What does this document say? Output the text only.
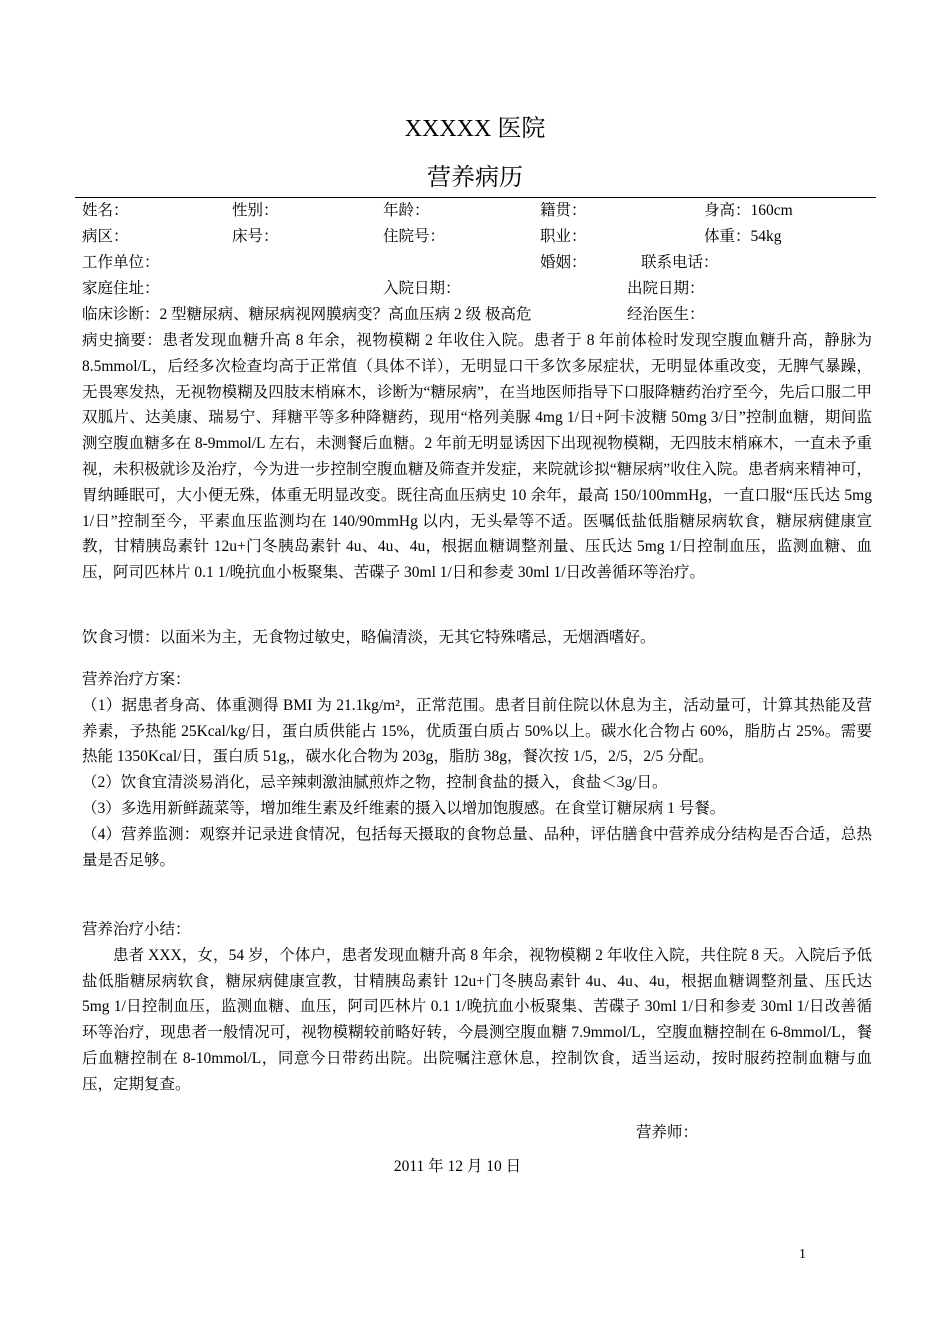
XXXXX 医院
营养病历
姓名：	性别：	年龄：	籍贯：	身高：160cm
病区：	床号：	住院号：	职业：	体重：54kg
工作单位：	婚姻：	联系电话：
家庭住址：	入院日期：	出院日期：
临床诊断：2 型糖尿病、糖尿病视网膜病变？高血压病 2 级 极高危	经治医生：

病史摘要：患者发现血糖升高 8 年余，视物模糊 2 年收住入院。患者于 8 年前体检时发现空腹血糖升高，静脉为 8.5mmol/L，后经多次检查均高于正常值（具体不详），无明显口干多饮多尿症状，无明显体重改变，无脾气暴躁，无畏寒发热，无视物模糊及四肢末梢麻木，诊断为“糖尿病”，在当地医师指导下口服降糖药治疗至今，先后口服二甲双胍片、达美康、瑞易宁、拜糖平等多种降糖药，现用“格列美脲 4mg 1/日+阿卡波糖 50mg 3/日”控制血糖，期间监测空腹血糖多在 8-9mmol/L 左右，未测餐后血糖。2 年前无明显诱因下出现视物模糊，无四肢末梢麻木，一直未予重视，未积极就诊及治疗，今为进一步控制空腹血糖及筛查并发症，来院就诊拟“糖尿病”收住入院。患者病来精神可，胃纳睡眠可，大小便无殊，体重无明显改变。既往高血压病史 10 余年，最高 150/100mmHg，一直口服“压氏达 5mg 1/日”控制至今，平素血压监测均在 140/90mmHg 以内，无头晕等不适。医嘱低盐低脂糖尿病软食，糖尿病健康宣教，甘精胰岛素针 12u+门冬胰岛素针 4u、4u、4u，根据血糖调整剂量、压氏达 5mg 1/日控制血压，监测血糖、血压，阿司匹林片 0.1 1/晚抗血小板聚集、苦碟子 30ml 1/日和参麦 30ml 1/日改善循环等治疗。

饮食习惯：以面米为主，无食物过敏史，略偏清淡，无其它特殊嗜忌，无烟酒嗜好。

营养治疗方案：

（1）据患者身高、体重测得 BMI 为 21.1kg/m²，正常范围。患者目前住院以休息为主，活动量可，计算其热能及营养素，予热能 25Kcal/kg/日，蛋白质供能占 15%，优质蛋白质占 50%以上。碳水化合物占 60%，脂肪占 25%。需要热能 1350Kcal/日，蛋白质 51g,，碳水化合物为 203g，脂肪 38g，餐次按 1/5，2/5，2/5 分配。

（2）饮食宜清淡易消化，忌辛辣刺激油腻煎炸之物，控制食盐的摄入，食盐＜3g/日。

（3）多选用新鲜蔬菜等，增加维生素及纤维素的摄入以增加饱腹感。在食堂订糖尿病 1 号餐。

（4）营养监测：观察并记录进食情况，包括每天摄取的食物总量、品种，评估膳食中营养成分结构是否合适，总热量是否足够。

营养治疗小结：

患者 XXX，女，54 岁，个体户，患者发现血糖升高 8 年余，视物模糊 2 年收住入院，共住院 8 天。入院后予低盐低脂糖尿病软食，糖尿病健康宣教，甘精胰岛素针 12u+门冬胰岛素针 4u、4u、4u，根据血糖调整剂量、压氏达 5mg 1/日控制血压，监测血糖、血压，阿司匹林片 0.1 1/晚抗血小板聚集、苦碟子 30ml 1/日和参麦 30ml 1/日改善循环等治疗，现患者一般情况可，视物模糊较前略好转，今晨测空腹血糖 7.9mmol/L，空腹血糖控制在 6-8mmol/L，餐后血糖控制在 8-10mmol/L，同意今日带药出院。出院嘱注意休息，控制饮食，适当运动，按时服药控制血糖与血压，定期复查。

营养师：
2011 年 12 月 10 日
1
